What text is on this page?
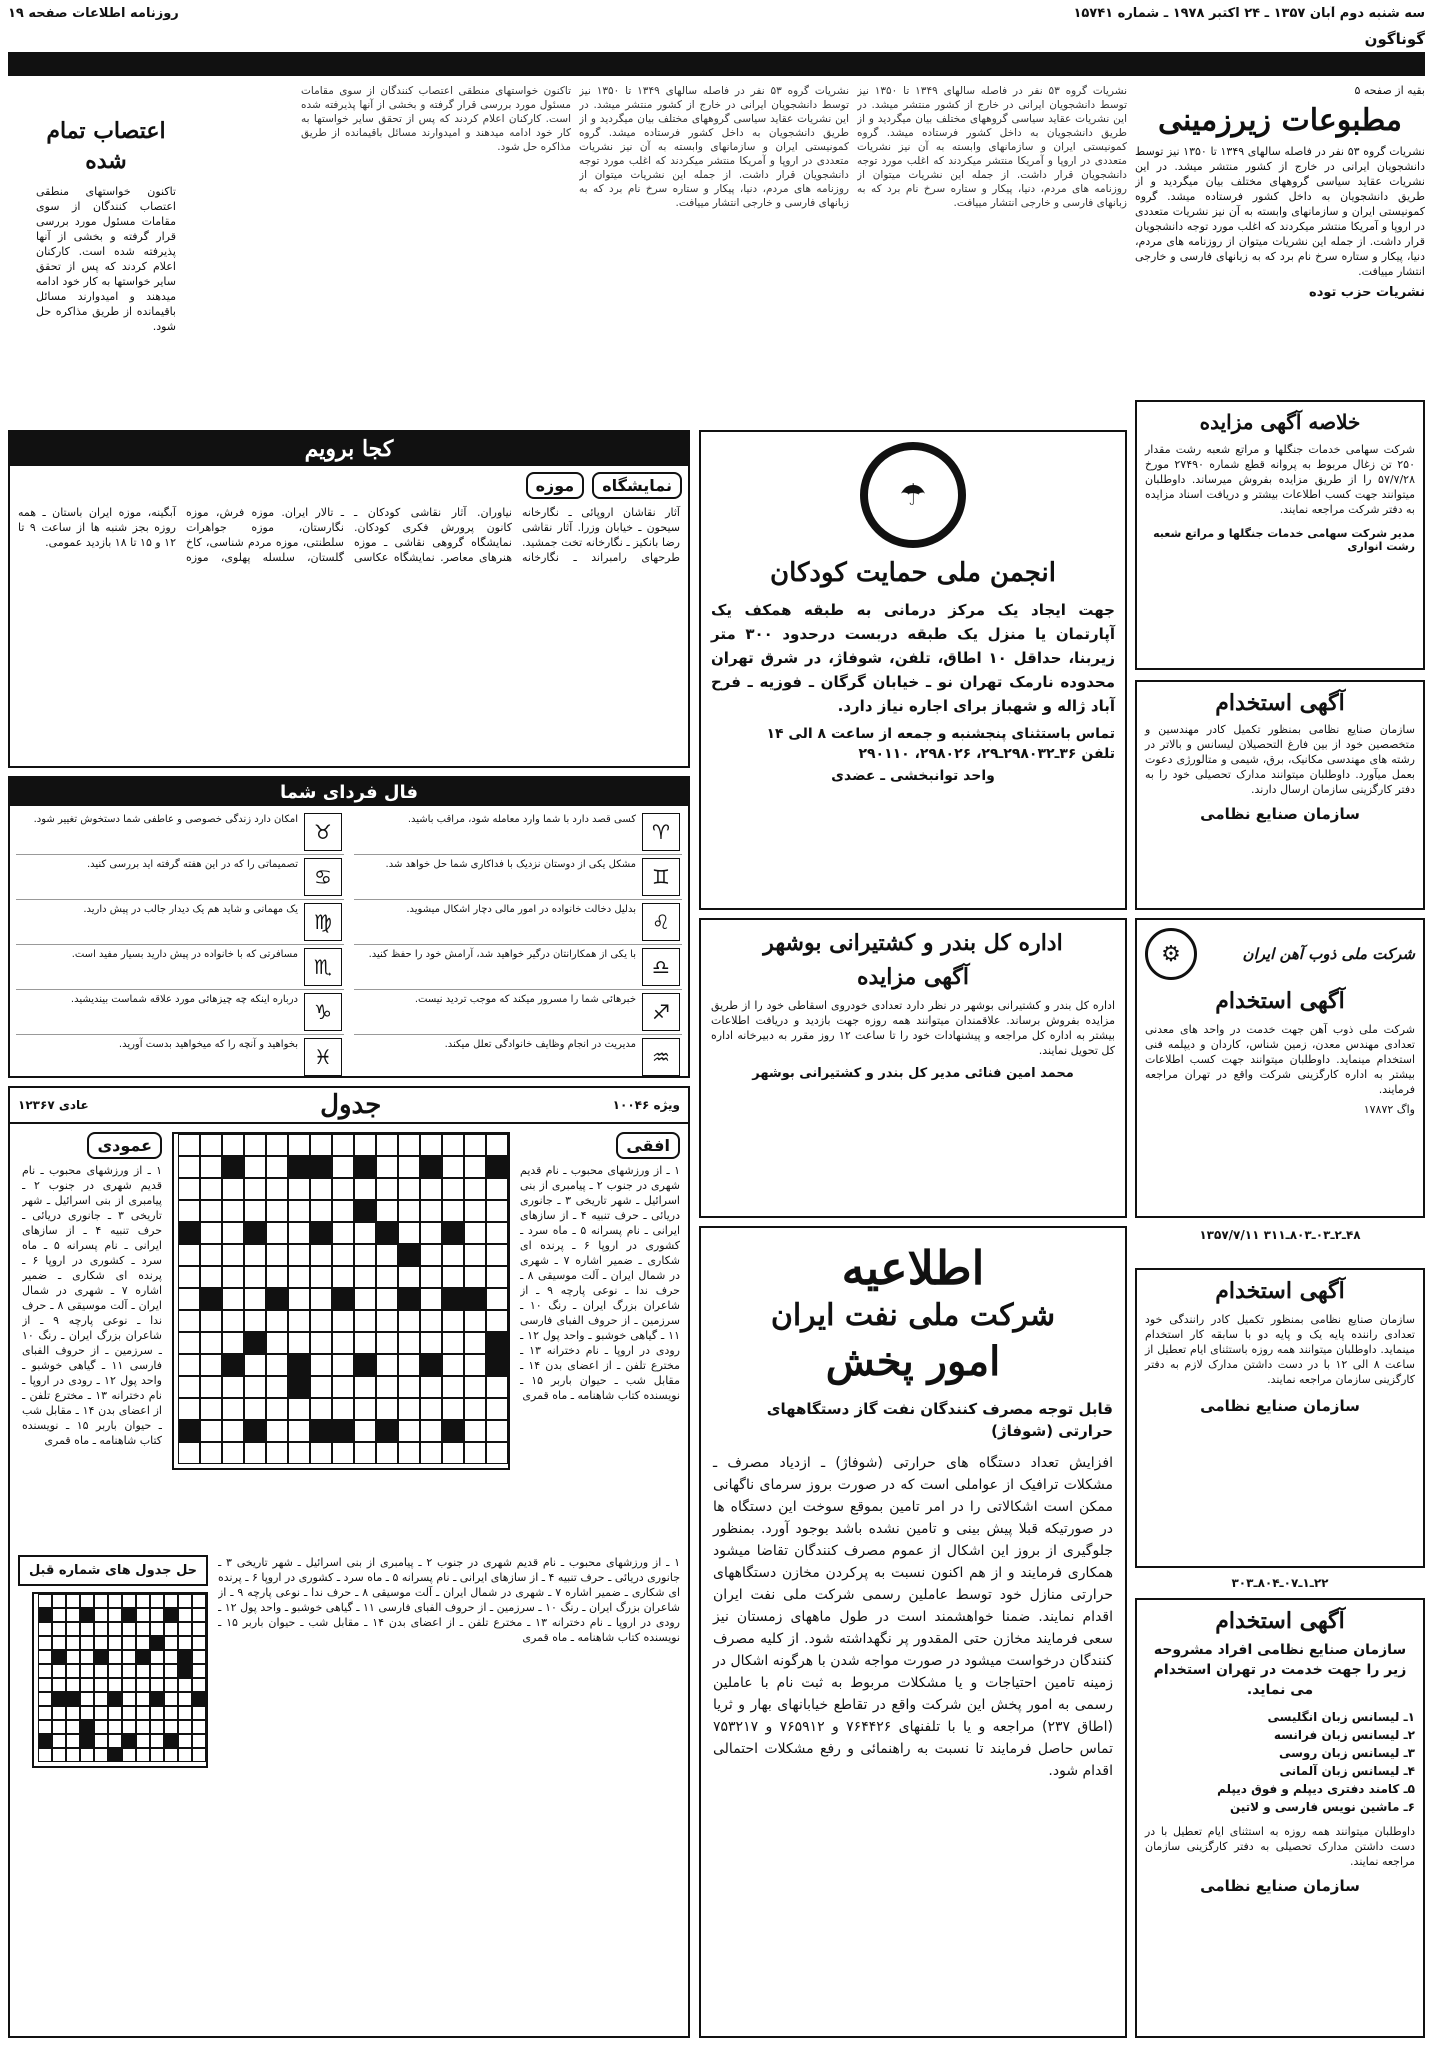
سه شنبه دوم آبان ۱۳۵۷ ـ ۲۴ اکتبر ۱۹۷۸ ـ شماره ۱۵۷۴۱
روزنامه اطلاعات صفحه ۱۹
گوناگون
بقیه از صفحه ۵
مطبوعات زیرزمینی
نشریات گروه ۵۳ نفر در فاصله سالهای ۱۳۴۹ تا ۱۳۵۰ نیز توسط دانشجویان ایرانی در خارج از کشور منتشر میشد. در این نشریات عقاید سیاسی گروههای مختلف بیان میگردید و از طریق دانشجویان به داخل کشور فرستاده میشد. گروه کمونیستی ایران و سازمانهای وابسته به آن نیز نشریات متعددی در اروپا و آمریکا منتشر میکردند که اغلب مورد توجه دانشجویان قرار داشت. از جمله این نشریات میتوان از روزنامه های مردم، دنیا، پیکار و ستاره سرخ نام برد که به زبانهای فارسی و خارجی انتشار مییافت.
نشریات حزب توده
نشریات گروه ۵۳ نفر در فاصله سالهای ۱۳۴۹ تا ۱۳۵۰ نیز توسط دانشجویان ایرانی در خارج از کشور منتشر میشد. در این نشریات عقاید سیاسی گروههای مختلف بیان میگردید و از طریق دانشجویان به داخل کشور فرستاده میشد. گروه کمونیستی ایران و سازمانهای وابسته به آن نیز نشریات متعددی در اروپا و آمریکا منتشر میکردند که اغلب مورد توجه دانشجویان قرار داشت. از جمله این نشریات میتوان از روزنامه های مردم، دنیا، پیکار و ستاره سرخ نام برد که به زبانهای فارسی و خارجی انتشار مییافت.
نشریات گروه ۵۳ نفر در فاصله سالهای ۱۳۴۹ تا ۱۳۵۰ نیز توسط دانشجویان ایرانی در خارج از کشور منتشر میشد. در این نشریات عقاید سیاسی گروههای مختلف بیان میگردید و از طریق دانشجویان به داخل کشور فرستاده میشد. گروه کمونیستی ایران و سازمانهای وابسته به آن نیز نشریات متعددی در اروپا و آمریکا منتشر میکردند که اغلب مورد توجه دانشجویان قرار داشت. از جمله این نشریات میتوان از روزنامه های مردم، دنیا، پیکار و ستاره سرخ نام برد که به زبانهای فارسی و خارجی انتشار مییافت.
تاکنون خواستهای منطقی اعتصاب کنندگان از سوی مقامات مسئول مورد بررسی قرار گرفته و بخشی از آنها پذیرفته شده است. کارکنان اعلام کردند که پس از تحقق سایر خواستها به کار خود ادامه میدهند و امیدوارند مسائل باقیمانده از طریق مذاکره حل شود.
اعتصاب تمام شده
تاکنون خواستهای منطقی اعتصاب کنندگان از سوی مقامات مسئول مورد بررسی قرار گرفته و بخشی از آنها پذیرفته شده است. کارکنان اعلام کردند که پس از تحقق سایر خواستها به کار خود ادامه میدهند و امیدوارند مسائل باقیمانده از طریق مذاکره حل شود.
خلاصه آگهی مزایده
شرکت سهامی خدمات جنگلها و مراتع شعبه رشت مقدار ۲۵۰ تن زغال مربوط به پروانه قطع شماره ۲۷۴۹۰ مورخ ۵۷/۷/۲۸ را از طریق مزایده بفروش میرساند. داوطلبان میتوانند جهت کسب اطلاعات بیشتر و دریافت اسناد مزایده به دفتر شرکت مراجعه نمایند.
مدیر شرکت سهامی خدمات جنگلها و مراتع شعبه رشت انواری
آگهی استخدام
سازمان صنایع نظامی بمنظور تکمیل کادر مهندسین و متخصصین خود از بین فارغ التحصیلان لیسانس و بالاتر در رشته های مهندسی مکانیک، برق، شیمی و متالورژی دعوت بعمل میآورد. داوطلبان میتوانند مدارک تحصیلی خود را به دفتر کارگزینی سازمان ارسال دارند.
سازمان صنایع نظامی
شرکت ملی ذوب آهن ایران
⚙
آگهی استخدام
شرکت ملی ذوب آهن جهت خدمت در واحد های معدنی تعدادی مهندس معدن، زمین شناس، کاردان و دیپلمه فنی استخدام مینماید. داوطلبان میتوانند جهت کسب اطلاعات بیشتر به اداره کارگزینی شرکت واقع در تهران مراجعه فرمایند.
واگ ۱۷۸۷۲
۴۸ـ۲ـ۰۳ـ۸۰۳ـ۳۱۱ ۱۳۵۷/۷/۱۱
آگهی استخدام
سازمان صنایع نظامی بمنظور تکمیل کادر رانندگی خود تعدادی راننده پایه یک و پایه دو با سابقه کار استخدام مینماید. داوطلبان میتوانند همه روزه باستثنای ایام تعطیل از ساعت ۸ الی ۱۲ با در دست داشتن مدارک لازم به دفتر کارگزینی سازمان مراجعه نمایند.
سازمان صنایع نظامی
۲۲ـ۱ـ۰۷ـ۸۰۴ـ۳۰۳
آگهی استخدام
سازمان صنایع نظامی افراد مشروحه زیر را جهت خدمت در تهران استخدام می نماید.
۱ـ لیسانس زبان انگلیسی
۲ـ لیسانس زبان فرانسه
۳ـ لیسانس زبان روسی
۴ـ لیسانس زبان آلمانی
۵ـ کامند دفتری دیپلم و فوق دیپلم
۶ـ ماشین نویس فارسی و لاتین
داوطلبان میتوانند همه روزه به استثنای ایام تعطیل با در دست داشتن مدارک تحصیلی به دفتر کارگزینی سازمان مراجعه نمایند.
سازمان صنایع نظامی
☂
انجمن ملی حمایت کودکان
جهت ایجاد یک مرکز درمانی به طبقه همکف یک آپارتمان یا منزل یک طبقه دربست درحدود ۳۰۰ متر زیربنا، حداقل ۱۰ اطاق، تلفن، شوفاژ، در شرق تهران محدوده نارمک تهران نو ـ خیابان گرگان ـ فوزیه ـ فرح آباد ژاله و شهباز برای اجاره نیاز دارد.
تماس باستثنای پنجشنبه و جمعه از ساعت ۸ الی ۱۴
تلفن ۳۶ـ۲۹۸۰۳۲ـ۲۹، ۲۹۸۰۲۶، ۲۹۰۱۱۰
واحد توانبخشی ـ عضدی
اداره کل بندر و کشتیرانی بوشهر
آگهی مزایده
اداره کل بندر و کشتیرانی بوشهر در نظر دارد تعدادی خودروی اسقاطی خود را از طریق مزایده بفروش برساند. علاقمندان میتوانند همه روزه جهت بازدید و دریافت اطلاعات بیشتر به اداره کل مراجعه و پیشنهادات خود را تا ساعت ۱۲ روز مقرر به دبیرخانه اداره کل تحویل نمایند.
محمد امین فنائی مدیر کل بندر و کشتیرانی بوشهر
اطلاعیه
شرکت ملی نفت ایران
امور پخش
قابل توجه مصرف کنندگان نفت گاز دستگاههای حرارتی (شوفاژ)
افزایش تعداد دستگاه های حرارتی (شوفاژ) ـ ازدیاد مصرف ـ مشکلات ترافیک از عواملی است که در صورت بروز سرمای ناگهانی ممکن است اشکالاتی را در امر تامین بموقع سوخت این دستگاه ها در صورتیکه قبلا پیش بینی و تامین نشده باشد بوجود آورد. بمنظور جلوگیری از بروز این اشکال از عموم مصرف کنندگان تقاضا میشود همکاری فرمایند و از هم اکنون نسبت به پرکردن مخازن دستگاههای حرارتی منازل خود توسط عاملین رسمی شرکت ملی نفت ایران اقدام نمایند. ضمنا خواهشمند است در طول ماههای زمستان نیز سعی فرمایند مخازن حتی المقدور پر نگهداشته شود. از کلیه مصرف کنندگان درخواست میشود در صورت مواجه شدن با هرگونه اشکال در زمینه تامین احتیاجات و یا مشکلات مربوط به ثبت نام با عاملین رسمی به امور پخش این شرکت واقع در تقاطع خیابانهای بهار و ثریا (اطاق ۲۳۷) مراجعه و یا با تلفنهای ۷۶۴۴۲۶ و ۷۶۵۹۱۲ و ۷۵۳۲۱۷ تماس حاصل فرمایند تا نسبت به راهنمائی و رفع مشکلات احتمالی اقدام شود.
کجا برویم
نمایشگاه
موزه
آثار نقاشان اروپائی ـ نگارخانه سیحون ـ خیابان وزرا. آثار نقاشی رضا بانکیز ـ نگارخانه تخت جمشید. طرحهای رامبراند ـ نگارخانه نیاوران. آثار نقاشی کودکان ـ کانون پرورش فکری کودکان. نمایشگاه گروهی نقاشی ـ موزه هنرهای معاصر. نمایشگاه عکاسی ـ تالار ایران. موزه فرش، موزه نگارستان، موزه جواهرات سلطنتی، موزه مردم شناسی، کاخ گلستان، سلسله پهلوی، موزه آبگینه، موزه ایران باستان ـ همه روزه بجز شنبه ها از ساعت ۹ تا ۱۲ و ۱۵ تا ۱۸ بازدید عمومی.
فال فردای شما
♈
کسی قصد دارد با شما وارد معامله شود، مراقب باشید.
♉
امکان دارد زندگی خصوصی و عاطفی شما دستخوش تغییر شود.
♊
مشکل یکی از دوستان نزدیک با فداکاری شما حل خواهد شد.
♋
تصمیماتی را که در این هفته گرفته اید بررسی کنید.
♌
بدلیل دخالت خانواده در امور مالی دچار اشکال میشوید.
♍
یک مهمانی و شاید هم یک دیدار جالب در پیش دارید.
♎
با یکی از همکارانتان درگیر خواهید شد، آرامش خود را حفظ کنید.
♏
مسافرتی که با خانواده در پیش دارید بسیار مفید است.
♐
خبرهائی شما را مسرور میکند که موجب تردید نیست.
♑
درباره اینکه چه چیزهائی مورد علاقه شماست بیندیشید.
♒
مدیریت در انجام وظایف خانوادگی تعلل میکند.
♓
بخواهید و آنچه را که میخواهید بدست آورید.
ویژه ۱۰۰۴۶
جدول
عادی ۱۲۳۶۷
افقی
۱ ـ از ورزشهای محبوب ـ نام قدیم شهری در جنوب ۲ ـ پیامبری از بنی اسرائیل ـ شهر تاریخی ۳ ـ جانوری دریائی ـ حرف تنبیه ۴ ـ از سازهای ایرانی ـ نام پسرانه ۵ ـ ماه سرد ـ کشوری در اروپا ۶ ـ پرنده ای شکاری ـ ضمیر اشاره ۷ ـ شهری در شمال ایران ـ آلت موسیقی ۸ ـ حرف ندا ـ نوعی پارچه ۹ ـ از شاعران بزرگ ایران ـ رنگ ۱۰ ـ سرزمین ـ از حروف الفبای فارسی ۱۱ ـ گیاهی خوشبو ـ واحد پول ۱۲ ـ رودی در اروپا ـ نام دخترانه ۱۳ ـ مخترع تلفن ـ از اعضای بدن ۱۴ ـ مقابل شب ـ حیوان باربر ۱۵ ـ نویسنده کتاب شاهنامه ـ ماه قمری
عمودی
۱ ـ از ورزشهای محبوب ـ نام قدیم شهری در جنوب ۲ ـ پیامبری از بنی اسرائیل ـ شهر تاریخی ۳ ـ جانوری دریائی ـ حرف تنبیه ۴ ـ از سازهای ایرانی ـ نام پسرانه ۵ ـ ماه سرد ـ کشوری در اروپا ۶ ـ پرنده ای شکاری ـ ضمیر اشاره ۷ ـ شهری در شمال ایران ـ آلت موسیقی ۸ ـ حرف ندا ـ نوعی پارچه ۹ ـ از شاعران بزرگ ایران ـ رنگ ۱۰ ـ سرزمین ـ از حروف الفبای فارسی ۱۱ ـ گیاهی خوشبو ـ واحد پول ۱۲ ـ رودی در اروپا ـ نام دخترانه ۱۳ ـ مخترع تلفن ـ از اعضای بدن ۱۴ ـ مقابل شب ـ حیوان باربر ۱۵ ـ نویسنده کتاب شاهنامه ـ ماه قمری
۱ ـ از ورزشهای محبوب ـ نام قدیم شهری در جنوب ۲ ـ پیامبری از بنی اسرائیل ـ شهر تاریخی ۳ ـ جانوری دریائی ـ حرف تنبیه ۴ ـ از سازهای ایرانی ـ نام پسرانه ۵ ـ ماه سرد ـ کشوری در اروپا ۶ ـ پرنده ای شکاری ـ ضمیر اشاره ۷ ـ شهری در شمال ایران ـ آلت موسیقی ۸ ـ حرف ندا ـ نوعی پارچه ۹ ـ از شاعران بزرگ ایران ـ رنگ ۱۰ ـ سرزمین ـ از حروف الفبای فارسی ۱۱ ـ گیاهی خوشبو ـ واحد پول ۱۲ ـ رودی در اروپا ـ نام دخترانه ۱۳ ـ مخترع تلفن ـ از اعضای بدن ۱۴ ـ مقابل شب ـ حیوان باربر ۱۵ ـ نویسنده کتاب شاهنامه ـ ماه قمری
حل جدول های شماره قبل
